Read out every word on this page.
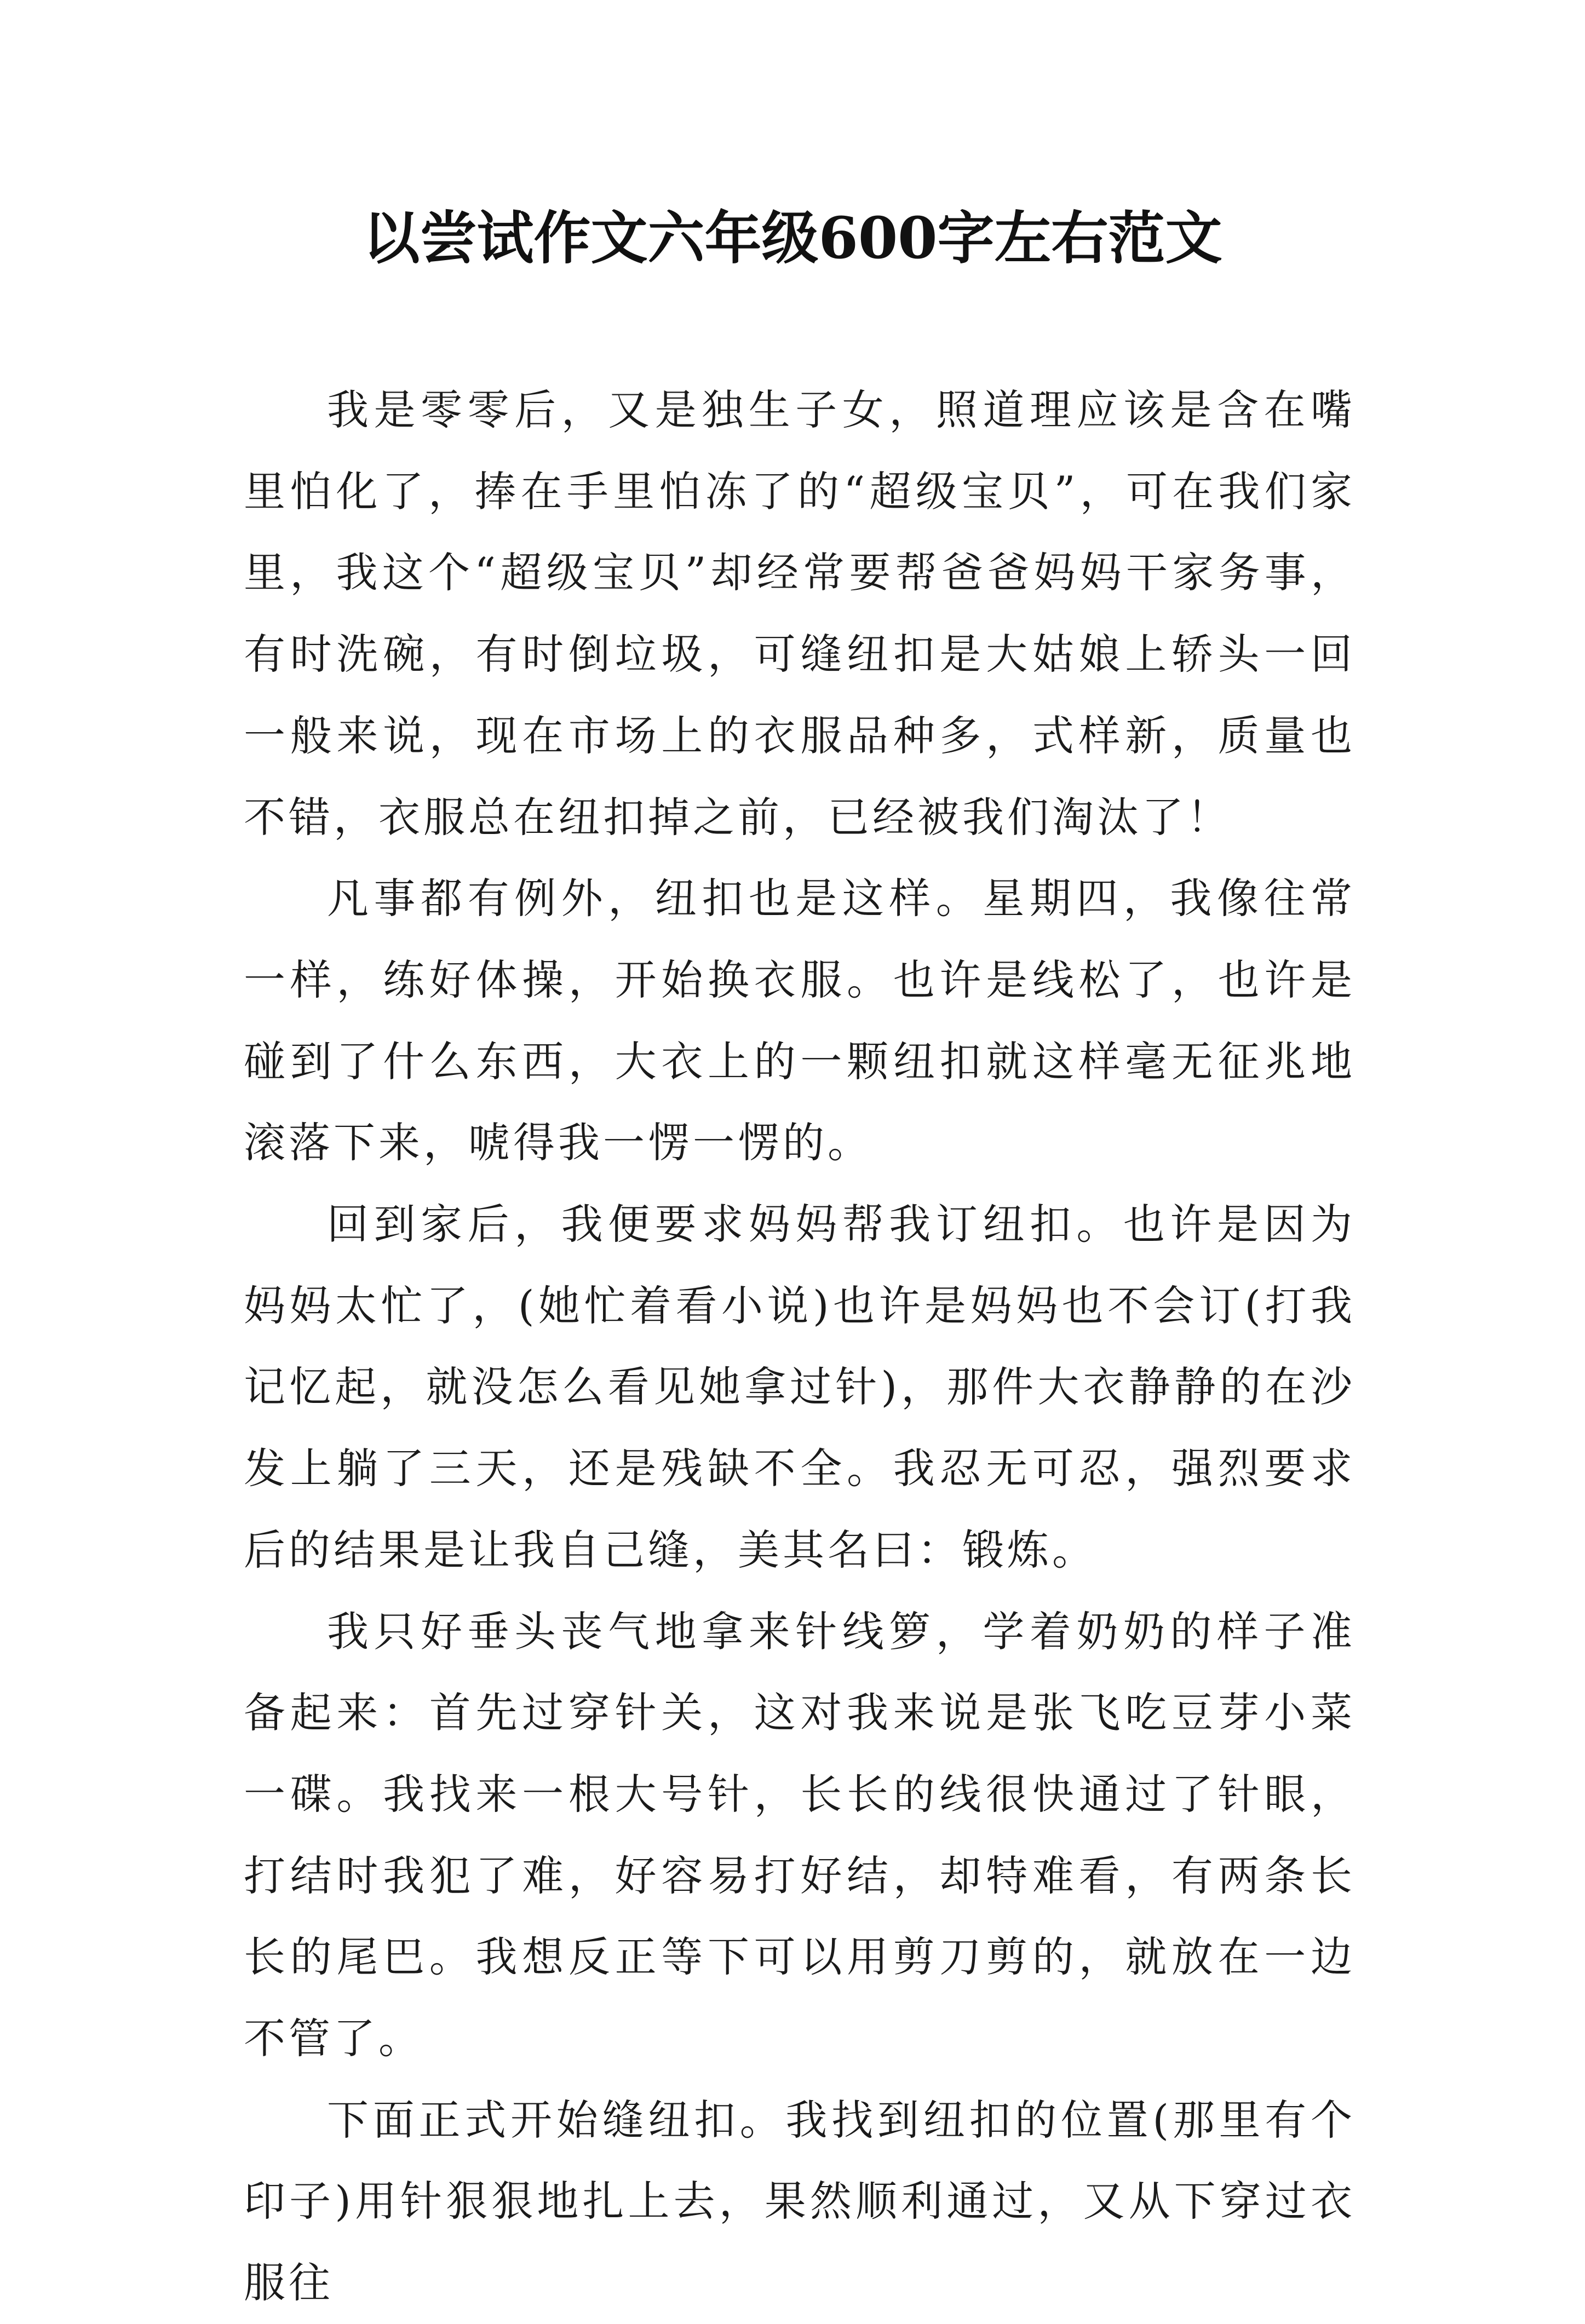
以尝试作文六年级600字左右范文

我是零零后，又是独生子女，照道理应该是含在嘴里怕化了，捧在手里怕冻了的“超级宝贝”，可在我们家里，我这个“超级宝贝”却经常要帮爸爸妈妈干家务事，有时洗碗，有时倒垃圾，可缝纽扣是大姑娘上轿头一回一般来说，现在市场上的衣服品种多，式样新，质量也不错，衣服总在纽扣掉之前，已经被我们淘汰了！

凡事都有例外，纽扣也是这样。星期四，我像往常一样，练好体操，开始换衣服。也许是线松了，也许是碰到了什么东西，大衣上的一颗纽扣就这样毫无征兆地滚落下来，唬得我一愣一愣的。

回到家后，我便要求妈妈帮我订纽扣。也许是因为妈妈太忙了，(她忙着看小说)也许是妈妈也不会订(打我记忆起，就没怎么看见她拿过针)，那件大衣静静的在沙发上躺了三天，还是残缺不全。我忍无可忍，强烈要求后的结果是让我自己缝，美其名曰：锻炼。

我只好垂头丧气地拿来针线箩，学着奶奶的样子准备起来：首先过穿针关，这对我来说是张飞吃豆芽小菜一碟。我找来一根大号针，长长的线很快通过了针眼，打结时我犯了难，好容易打好结，却特难看，有两条长长的尾巴。我想反正等下可以用剪刀剪的，就放在一边不管了。

下面正式开始缝纽扣。我找到纽扣的位置(那里有个印子)用针狠狠地扎上去，果然顺利通过，又从下穿过衣服往
